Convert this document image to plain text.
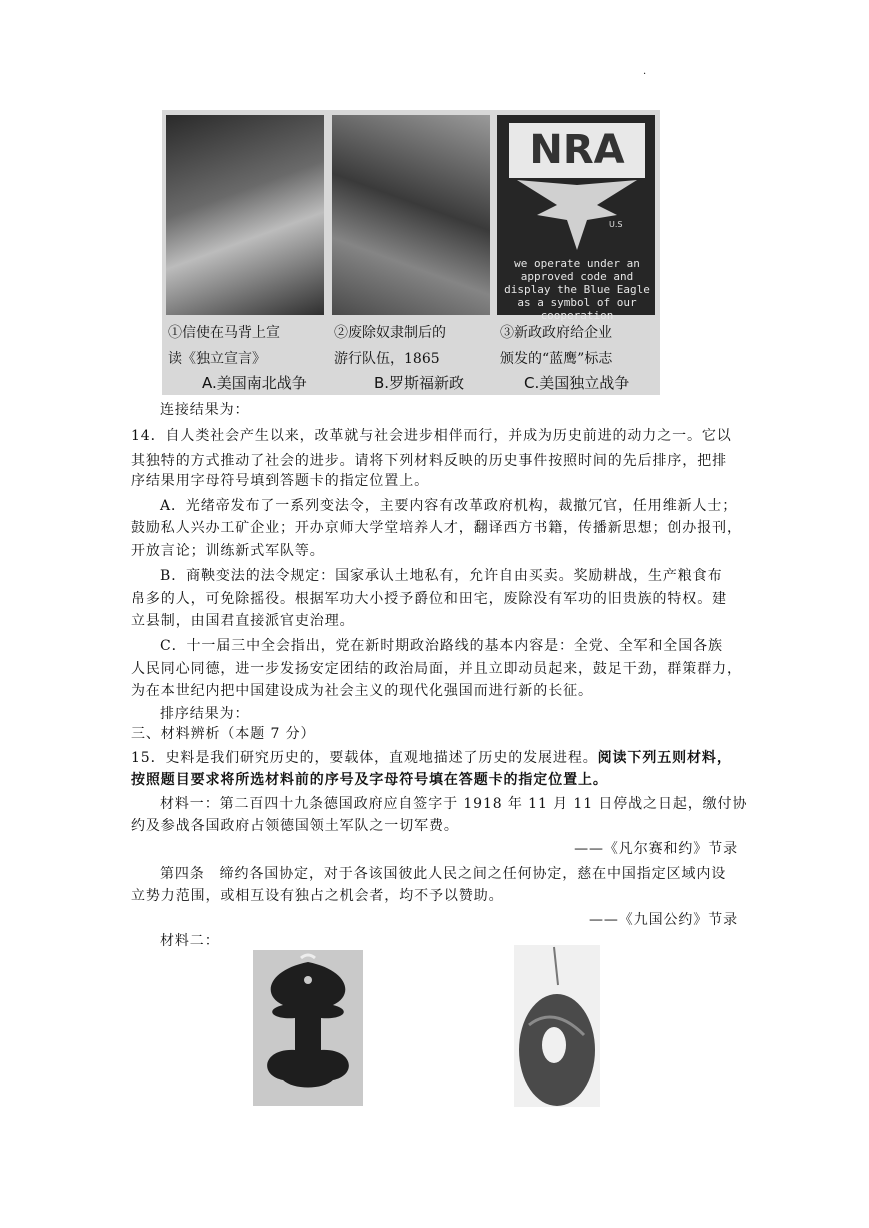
.
NRA
U.S
we operate under an approved code and display the Blue Eagle as a symbol of our cooperation
①信使在马背上宣
读《独立宣言》
②废除奴隶制后的
游行队伍，1865
③新政政府给企业
颁发的“蓝鹰”标志
A.美国南北战争	B.罗斯福新政	C.美国独立战争
连接结果为：
14．自人类社会产生以来，改革就与社会进步相伴而行，并成为历史前进的动力之一。它以
其独特的方式推动了社会的进步。请将下列材料反映的历史事件按照时间的先后排序，把排
序结果用字母符号填到答题卡的指定位置上。
A．光绪帝发布了一系列变法令，主要内容有改革政府机构，裁撤冗官，任用维新人士；
鼓励私人兴办工矿企业；开办京师大学堂培养人才，翻译西方书籍，传播新思想；创办报刊，
开放言论；训练新式军队等。
B．商鞅变法的法令规定：国家承认土地私有，允许自由买卖。奖励耕战，生产粮食布
帛多的人，可免除摇役。根据军功大小授予爵位和田宅，废除没有军功的旧贵族的特权。建
立县制，由国君直接派官吏治理。
C．十一届三中全会指出，党在新时期政治路线的基本内容是：全党、全军和全国各族
人民同心同德，进一步发扬安定团结的政治局面，并且立即动员起来，鼓足干劲，群策群力，
为在本世纪内把中国建设成为社会主义的现代化强国而进行新的长征。
排序结果为：
三、材料辨析（本题 7 分）
15．史料是我们研究历史的，要载体，直观地描述了历史的发展进程。阅读下列五则材料，
按照题目要求将所选材料前的序号及字母符号填在答题卡的指定位置上。
材料一：第二百四十九条德国政府应自签字于 1918 年 11 月 11 日停战之日起，缴付协
约及参战各国政府占领德国领土军队之一切军费。
——《凡尔赛和约》节录
第四条　缔约各国协定，对于各该国彼此人民之间之任何协定，慈在中国指定区域内设
立势力范围，或相互设有独占之机会者，均不予以赞助。
——《九国公约》节录
材料二：
